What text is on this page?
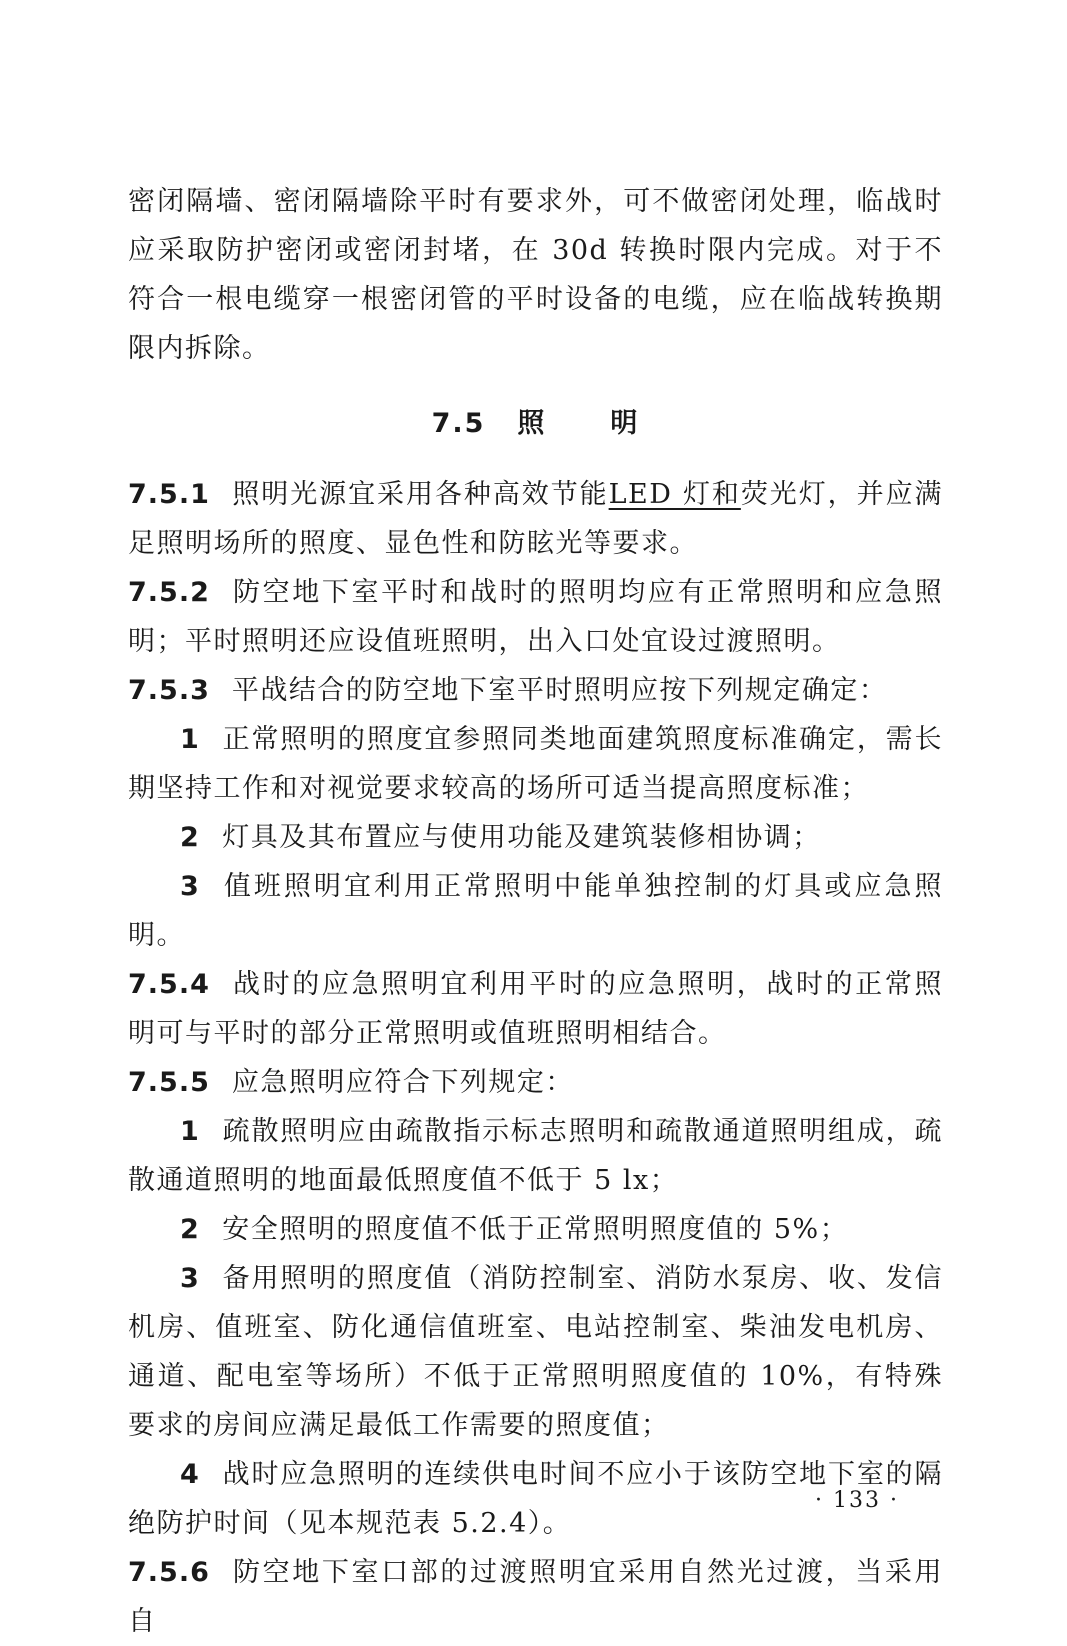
密闭隔墙、密闭隔墙除平时有要求外，可不做密闭处理，临战时应采取防护密闭或密闭封堵，在 30d 转换时限内完成。对于不符合一根电缆穿一根密闭管的平时设备的电缆，应在临战转换期限内拆除。

7.5 照 明

7.5.1 照明光源宜采用各种高效节能LED 灯和荧光灯，并应满足照明场所的照度、显色性和防眩光等要求。

7.5.2 防空地下室平时和战时的照明均应有正常照明和应急照明；平时照明还应设值班照明，出入口处宜设过渡照明。

7.5.3 平战结合的防空地下室平时照明应按下列规定确定：

1 正常照明的照度宜参照同类地面建筑照度标准确定，需长期坚持工作和对视觉要求较高的场所可适当提高照度标准；

2 灯具及其布置应与使用功能及建筑装修相协调；

3 值班照明宜利用正常照明中能单独控制的灯具或应急照明。

7.5.4 战时的应急照明宜利用平时的应急照明，战时的正常照明可与平时的部分正常照明或值班照明相结合。

7.5.5 应急照明应符合下列规定：

1 疏散照明应由疏散指示标志照明和疏散通道照明组成，疏散通道照明的地面最低照度值不低于 5 lx；

2 安全照明的照度值不低于正常照明照度值的 5%；

3 备用照明的照度值（消防控制室、消防水泵房、收、发信机房、值班室、防化通信值班室、电站控制室、柴油发电机房、通道、配电室等场所）不低于正常照明照度值的 10%，有特殊要求的房间应满足最低工作需要的照度值；

4 战时应急照明的连续供电时间不应小于该防空地下室的隔绝防护时间（见本规范表 5.2.4）。

7.5.6 防空地下室口部的过渡照明宜采用自然光过渡，当采用自

· 133 ·
